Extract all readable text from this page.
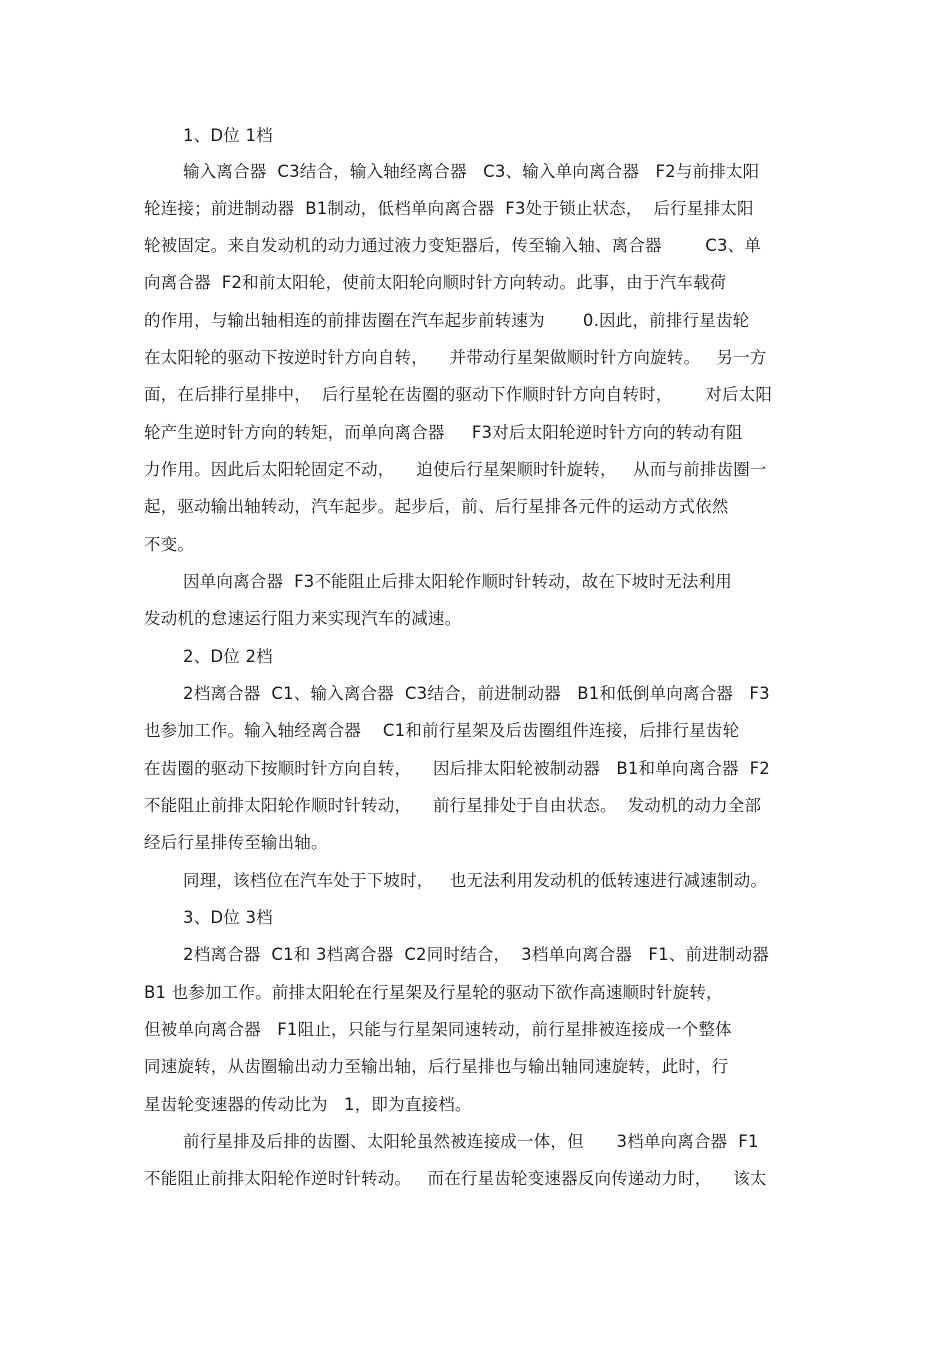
1、D位 1档

输入离合器  C3结合，输入轴经离合器   C3、输入单向离合器   F2与前排太阳

轮连接；前进制动器  B1制动，低档单向离合器  F3处于锁止状态，  后行星排太阳

轮被固定。来自发动机的动力通过液力变矩器后，传至输入轴、离合器        C3、单

向离合器  F2和前太阳轮，使前太阳轮向顺时针方向转动。此事，由于汽车载荷

的作用，与输出轴相连的前排齿圈在汽车起步前转速为       0.因此，前排行星齿轮

在太阳轮的驱动下按逆时针方向自转，    并带动行星架做顺时针方向旋转。   另一方

面，在后排行星排中，  后行星轮在齿圈的驱动下作顺时针方向自转时，      对后太阳

轮产生逆时针方向的转矩，而单向离合器     F3对后太阳轮逆时针方向的转动有阻

力作用。因此后太阳轮固定不动，    迫使后行星架顺时针旋转，   从而与前排齿圈一

起，驱动输出轴转动，汽车起步。起步后，前、后行星排各元件的运动方式依然

不变。

因单向离合器  F3不能阻止后排太阳轮作顺时针转动，故在下坡时无法利用

发动机的怠速运行阻力来实现汽车的减速。

2、D位 2档

2档离合器  C1、输入离合器  C3结合，前进制动器   B1和低倒单向离合器   F3

也参加工作。输入轴经离合器    C1和前行星架及后齿圈组件连接，后排行星齿轮

在齿圈的驱动下按顺时针方向自转，    因后排太阳轮被制动器   B1和单向离合器  F2

不能阻止前排太阳轮作顺时针转动，    前行星排处于自由状态。  发动机的动力全部

经后行星排传至输出轴。

同理，该档位在汽车处于下坡时，   也无法利用发动机的低转速进行减速制动。

3、D位 3档

2档离合器  C1和 3档离合器  C2同时结合，  3档单向离合器   F1、前进制动器

B1 也参加工作。前排太阳轮在行星架及行星轮的驱动下欲作高速顺时针旋转，

但被单向离合器   F1阻止，只能与行星架同速转动，前行星排被连接成一个整体

同速旋转，从齿圈输出动力至输出轴，后行星排也与输出轴同速旋转，此时，行

星齿轮变速器的传动比为   1，即为直接档。

前行星排及后排的齿圈、太阳轮虽然被连接成一体，但      3档单向离合器  F1

不能阻止前排太阳轮作逆时针转动。   而在行星齿轮变速器反向传递动力时，    该太
